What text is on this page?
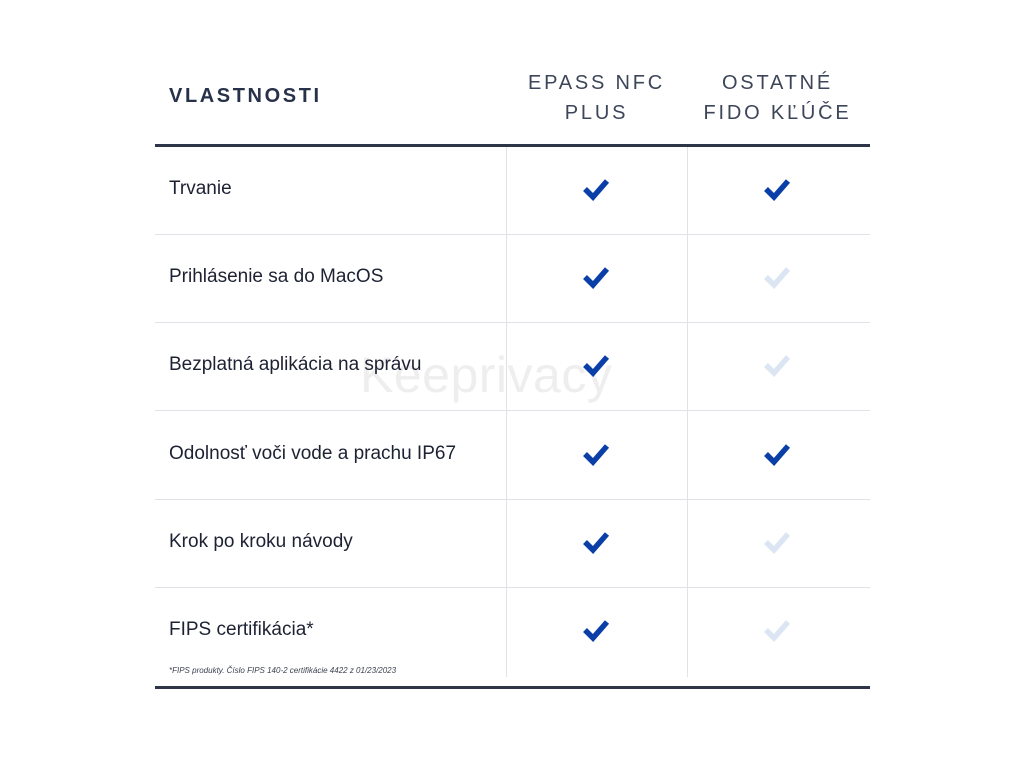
VLASTNOSTI
EPASS NFC
PLUS
OSTATNÉ
FIDO KĽÚČE
Keeprivacy
Trvanie
Prihlásenie sa do MacOS
Bezplatná aplikácia na správu
Odolnosť voči vode a prachu IP67
Krok po kroku návody
FIPS certifikácia*
*FIPS produkty. Číslo FIPS 140-2 certifikácie 4422 z 01/23/2023
